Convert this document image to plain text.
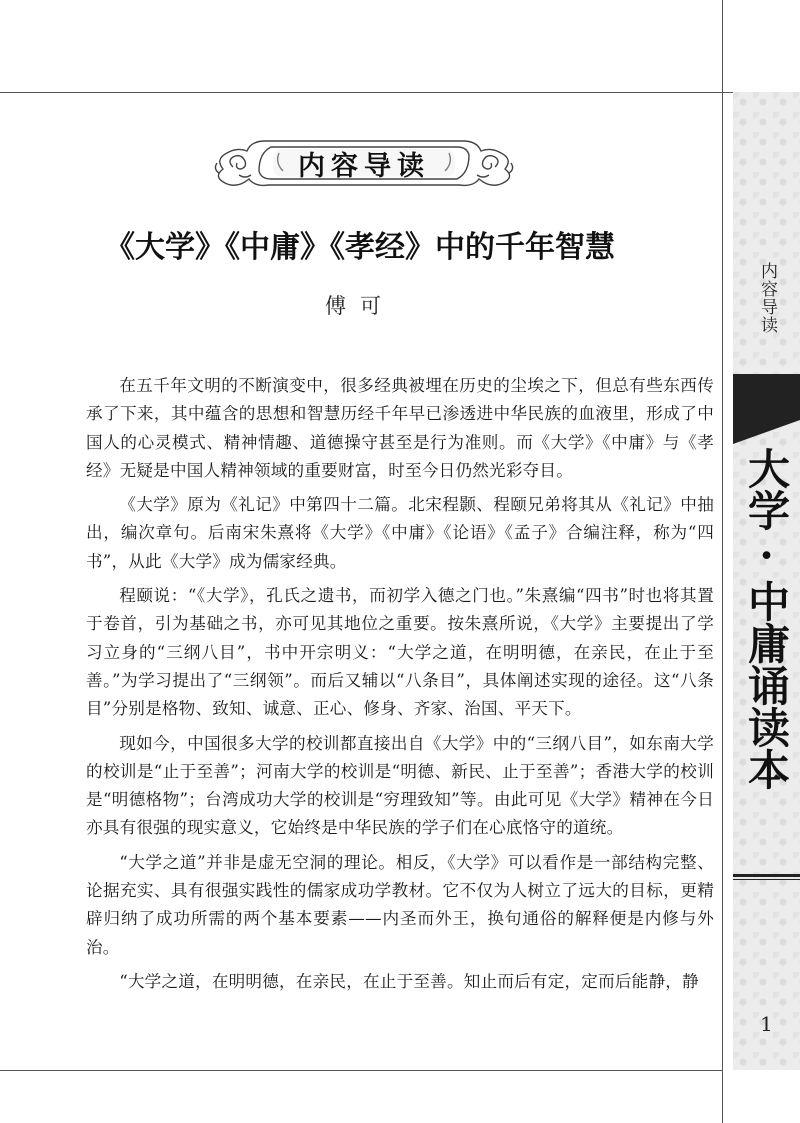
内容导读
大学·中庸诵读本
1
内容导读
《大学》《中庸》《孝经》中的千年智慧
傅可

在五千年文明的不断演变中，很多经典被埋在历史的尘埃之下，但总有些东西传承了下来，其中蕴含的思想和智慧历经千年早已渗透进中华民族的血液里，形成了中国人的心灵模式、精神情趣、道德操守甚至是行为准则。而《大学》《中庸》与《孝经》无疑是中国人精神领域的重要财富，时至今日仍然光彩夺目。

《大学》原为《礼记》中第四十二篇。北宋程颢、程颐兄弟将其从《礼记》中抽出，编次章句。后南宋朱熹将《大学》《中庸》《论语》《孟子》合编注释，称为“四书”，从此《大学》成为儒家经典。

程颐说：“《大学》，孔氏之遗书，而初学入德之门也。”朱熹编“四书”时也将其置于卷首，引为基础之书，亦可见其地位之重要。按朱熹所说，《大学》主要提出了学习立身的“三纲八目”，书中开宗明义：“大学之道，在明明德，在亲民，在止于至善。”为学习提出了“三纲领”。而后又辅以“八条目”，具体阐述实现的途径。这“八条目”分别是格物、致知、诚意、正心、修身、齐家、治国、平天下。

现如今，中国很多大学的校训都直接出自《大学》中的“三纲八目”，如东南大学的校训是“止于至善”；河南大学的校训是“明德、新民、止于至善”；香港大学的校训是“明德格物”；台湾成功大学的校训是“穷理致知”等。由此可见《大学》精神在今日亦具有很强的现实意义，它始终是中华民族的学子们在心底恪守的道统。

“大学之道”并非是虚无空洞的理论。相反，《大学》可以看作是一部结构完整、论据充实、具有很强实践性的儒家成功学教材。它不仅为人树立了远大的目标，更精辟归纳了成功所需的两个基本要素——内圣而外王，换句通俗的解释便是内修与外治。

“大学之道，在明明德，在亲民，在止于至善。知止而后有定，定而后能静，静
